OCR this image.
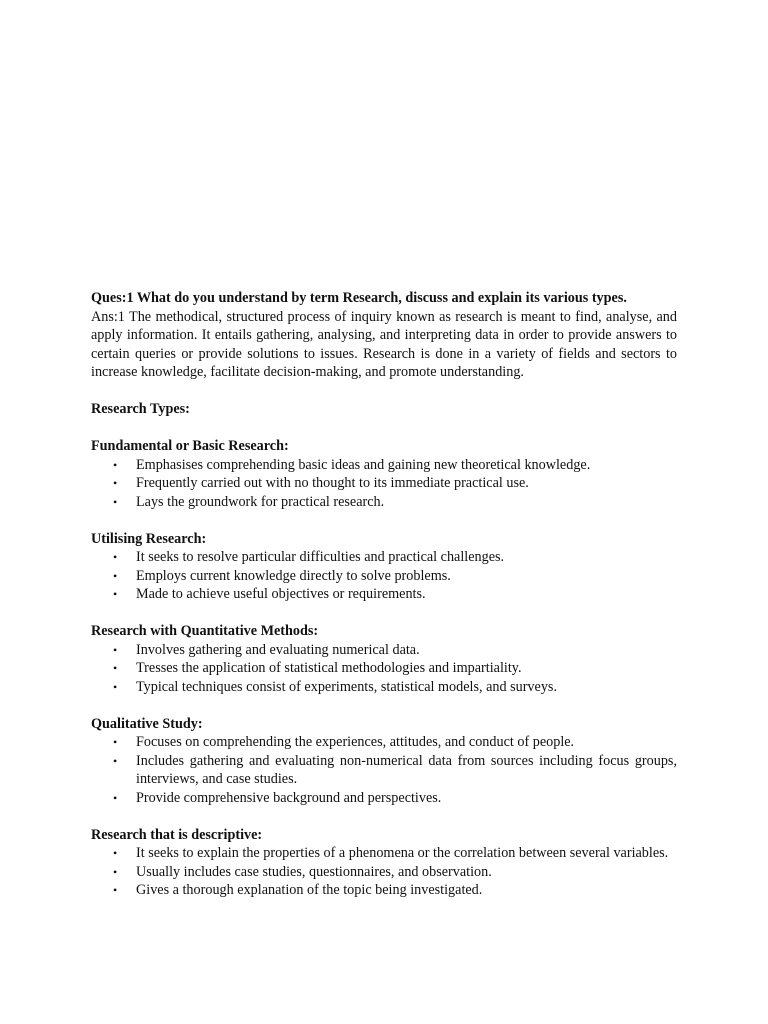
Ques:1 What do you understand by term Research, discuss and explain its various types.

Ans:1 The methodical, structured process of inquiry known as research is meant to find, analyse, and apply information. It entails gathering, analysing, and interpreting data in order to provide answers to certain queries or provide solutions to issues. Research is done in a variety of fields and sectors to increase knowledge, facilitate decision-making, and promote understanding.

Research Types:

Fundamental or Basic Research:

• Emphasises comprehending basic ideas and gaining new theoretical knowledge.
• Frequently carried out with no thought to its immediate practical use.
• Lays the groundwork for practical research.

Utilising Research:

• It seeks to resolve particular difficulties and practical challenges.
• Employs current knowledge directly to solve problems.
• Made to achieve useful objectives or requirements.

Research with Quantitative Methods:

• Involves gathering and evaluating numerical data.
• Tresses the application of statistical methodologies and impartiality.
• Typical techniques consist of experiments, statistical models, and surveys.

Qualitative Study:

• Focuses on comprehending the experiences, attitudes, and conduct of people.
• Includes gathering and evaluating non-numerical data from sources including focus groups, interviews, and case studies.
• Provide comprehensive background and perspectives.

Research that is descriptive:

• It seeks to explain the properties of a phenomena or the correlation between several variables.
• Usually includes case studies, questionnaires, and observation.
• Gives a thorough explanation of the topic being investigated.
